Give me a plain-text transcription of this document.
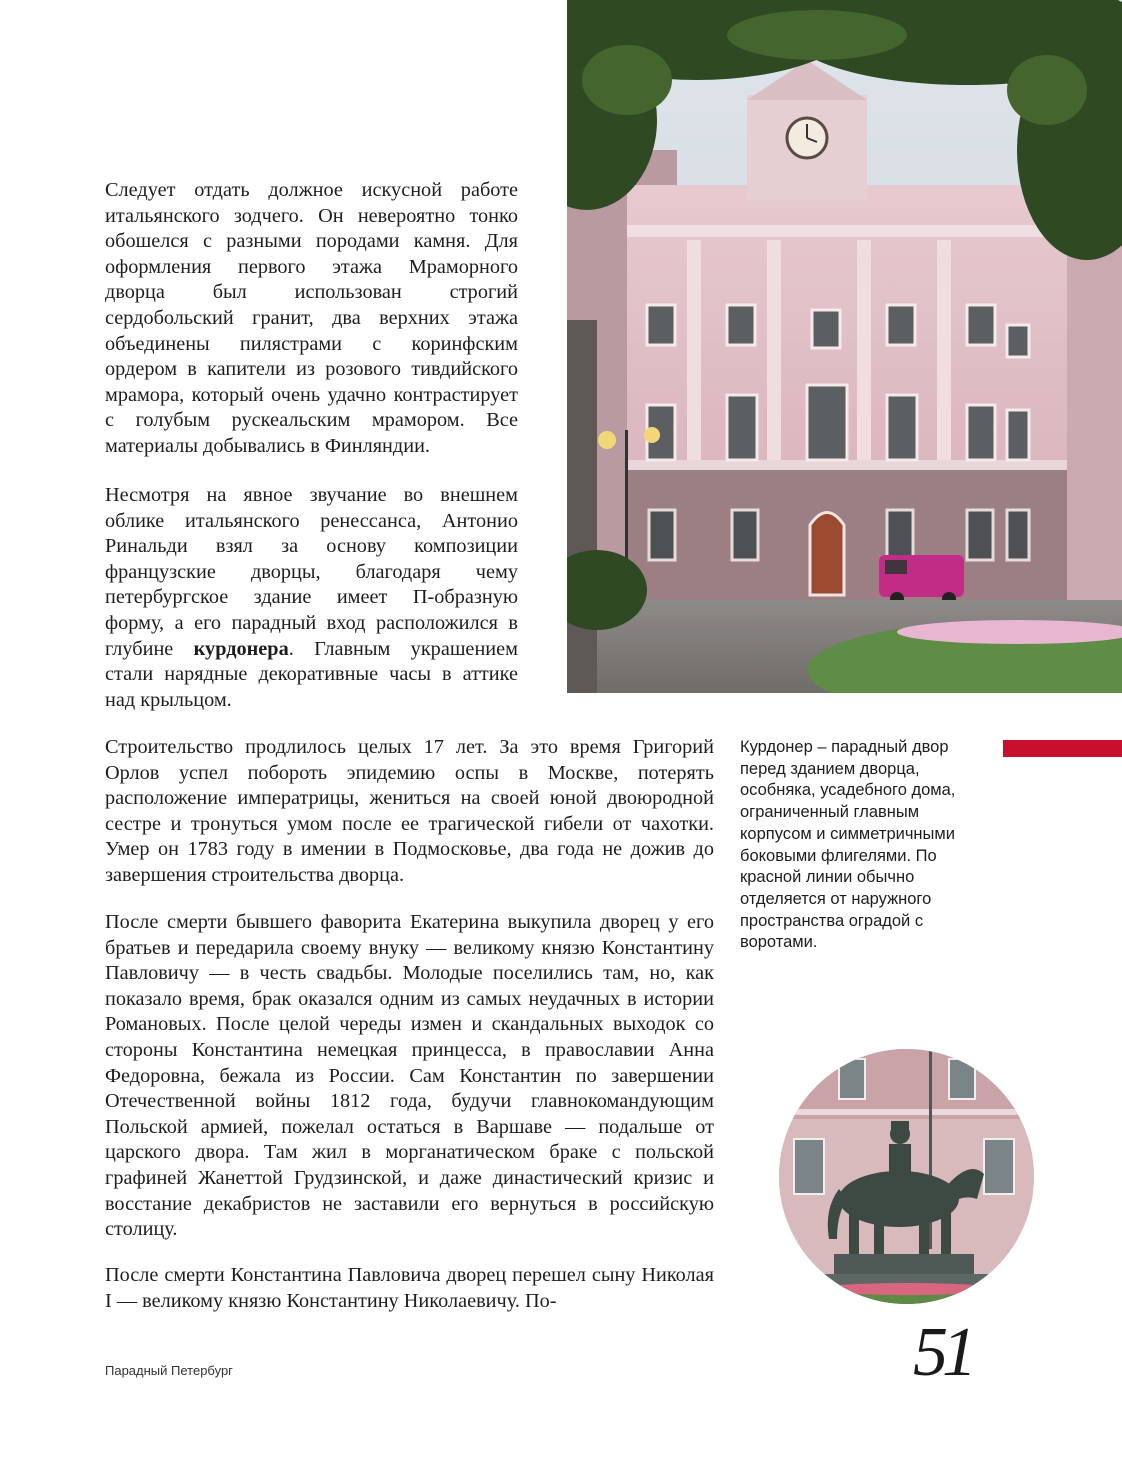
Следует отдать должное искусной работе итальянского зодчего. Он невероятно тонко обошелся с разными породами камня. Для оформления первого этажа Мраморного дворца был использован строгий сердобольский гранит, два верхних этажа объединены пилястрами с коринфским ордером в капители из розового тивдийского мрамора, который очень удачно контрастирует с голубым рускеальским мрамором. Все материалы добывались в Финляндии.

Несмотря на явное звучание во внешнем облике итальянского ренессанса, Антонио Ринальди взял за основу композиции французские дворцы, благодаря чему петербургское здание имеет П-образную форму, а его парадный вход расположился в глубине курдонера. Главным украшением стали нарядные декоративные часы в аттике над крыльцом.

Строительство продлилось целых 17 лет. За это время Григорий Орлов успел побороть эпидемию оспы в Москве, потерять расположение императрицы, жениться на своей юной двоюродной сестре и тронуться умом после ее трагической гибели от чахотки. Умер он 1783 году в имении в Подмосковье, два года не дожив до завершения строительства дворца.

После смерти бывшего фаворита Екатерина выкупила дворец у его братьев и передарила своему внуку — великому князю Константину Павловичу — в честь свадьбы. Молодые поселились там, но, как показало время, брак оказался одним из самых неудачных в истории Романовых. После целой череды измен и скандальных выходок со стороны Константина немецкая принцесса, в православии Анна Федоровна, бежала из России. Сам Константин по завершении Отечественной войны 1812 года, будучи главнокомандующим Польской армией, пожелал остаться в Варшаве — подальше от царского двора. Там жил в морганатическом браке с польской графиней Жанеттой Грудзинской, и даже династический кризис и восстание декабристов не заставили его вернуться в российскую столицу.

После смерти Константина Павловича дворец перешел сыну Николая I — великому князю Константину Николаевичу. По-

Курдонер – парадный двор перед зданием дворца, особняка, усадебного дома, ограниченный главным корпусом и симметричными боковыми флигелями. По красной линии обычно отделяется от наружного пространства оградой с воротами.

Парадный Петербург	51
